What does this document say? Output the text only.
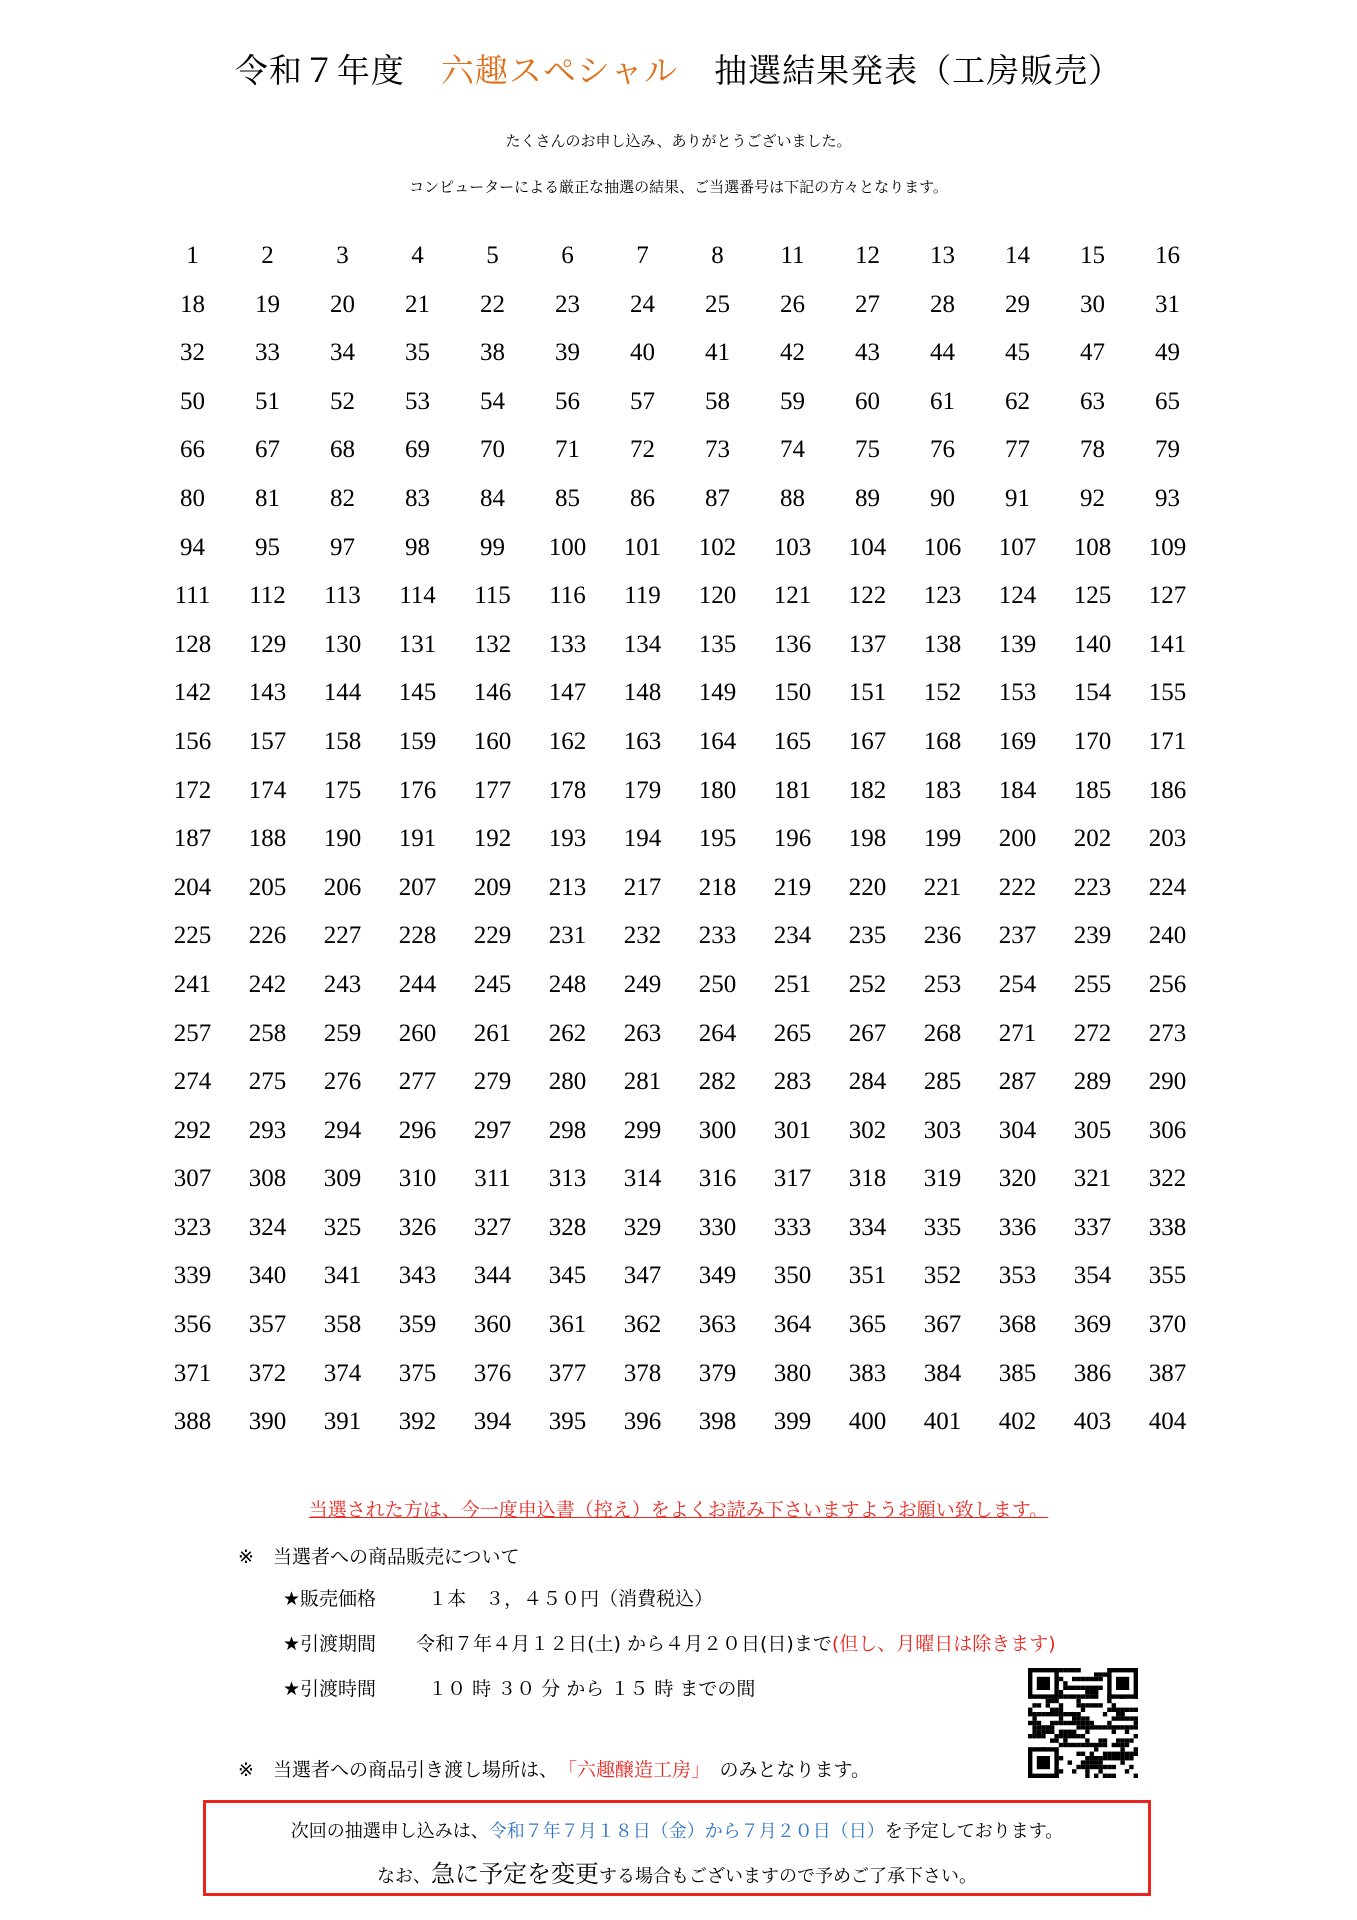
令和７年度 六趣スペシャル 抽選結果発表（工房販売）
たくさんのお申し込み、ありがとうございました。
コンピューターによる厳正な抽選の結果、ご当選番号は下記の方々となります。
1	2	3	4	5	6	7	8	11	12	13	14	15	16
18	19	20	21	22	23	24	25	26	27	28	29	30	31
32	33	34	35	38	39	40	41	42	43	44	45	47	49
50	51	52	53	54	56	57	58	59	60	61	62	63	65
66	67	68	69	70	71	72	73	74	75	76	77	78	79
80	81	82	83	84	85	86	87	88	89	90	91	92	93
94	95	97	98	99	100	101	102	103	104	106	107	108	109
111	112	113	114	115	116	119	120	121	122	123	124	125	127
128	129	130	131	132	133	134	135	136	137	138	139	140	141
142	143	144	145	146	147	148	149	150	151	152	153	154	155
156	157	158	159	160	162	163	164	165	167	168	169	170	171
172	174	175	176	177	178	179	180	181	182	183	184	185	186
187	188	190	191	192	193	194	195	196	198	199	200	202	203
204	205	206	207	209	213	217	218	219	220	221	222	223	224
225	226	227	228	229	231	232	233	234	235	236	237	239	240
241	242	243	244	245	248	249	250	251	252	253	254	255	256
257	258	259	260	261	262	263	264	265	267	268	271	272	273
274	275	276	277	279	280	281	282	283	284	285	287	289	290
292	293	294	296	297	298	299	300	301	302	303	304	305	306
307	308	309	310	311	313	314	316	317	318	319	320	321	322
323	324	325	326	327	328	329	330	333	334	335	336	337	338
339	340	341	343	344	345	347	349	350	351	352	353	354	355
356	357	358	359	360	361	362	363	364	365	367	368	369	370
371	372	374	375	376	377	378	379	380	383	384	385	386	387
388	390	391	392	394	395	396	398	399	400	401	402	403	404
当選された方は、今一度申込書（控え）をよくお読み下さいますようお願い致します。
※　 当選者への商品販売について
★販売価格	１本　３，４５０円（消費税込）
★引渡期間 令和７年４月１２日(土) から４月２０日(日)まで(但し、月曜日は除きます)
★引渡時間	１０ 時 ３０ 分 から １５ 時 までの間
※　 当選者への商品引き渡し場所は、　 「六趣醸造工房」　 のみとなります。
次回の抽選申し込みは、令和７年７月１８日（金）から７月２０日（日）を予定しております。
なお、急に予定を変更する場合もございますので予めご了承下さい。
